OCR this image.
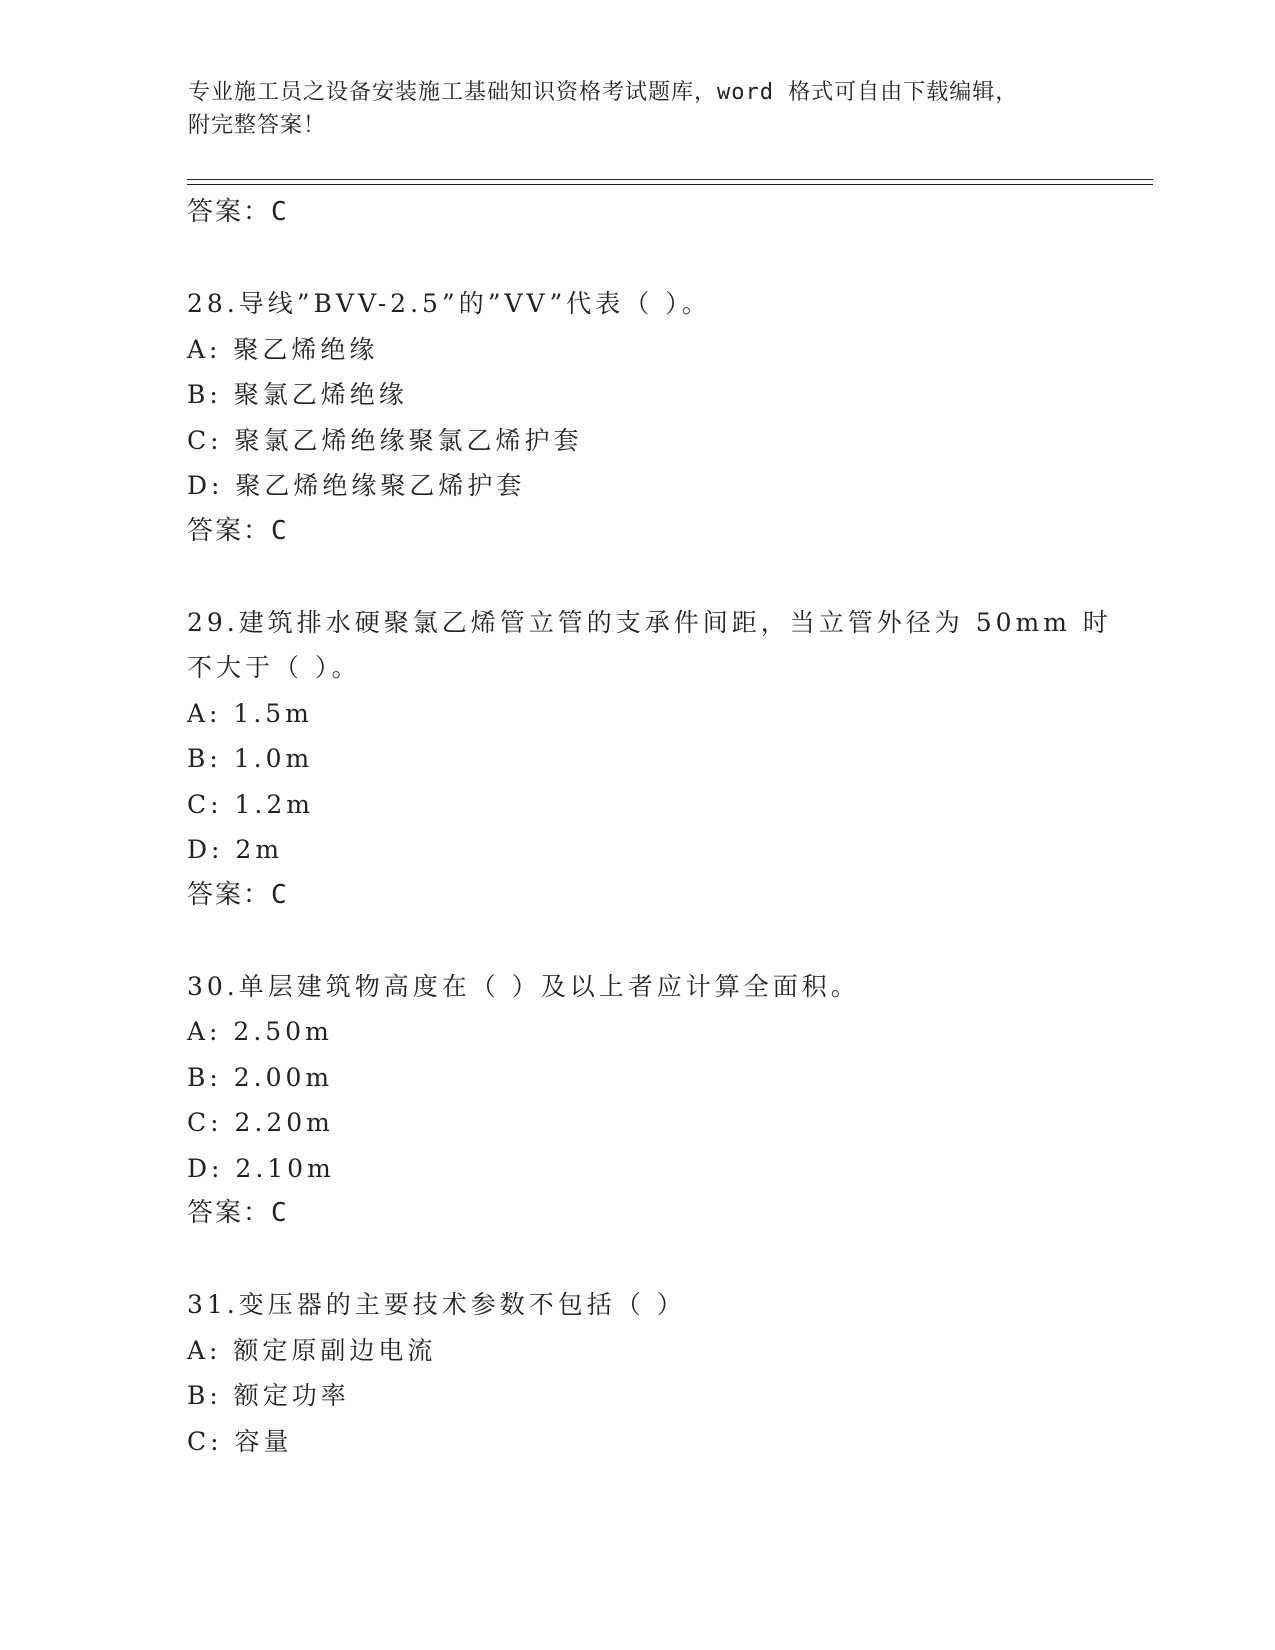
专业施工员之设备安装施工基础知识资格考试题库，word 格式可自由下载编辑，
附完整答案！
答案：C
28.导线”BVV-2.5”的”VV”代表（ ）。
A: 聚乙烯绝缘
B: 聚氯乙烯绝缘
C: 聚氯乙烯绝缘聚氯乙烯护套
D: 聚乙烯绝缘聚乙烯护套
答案：C
29.建筑排水硬聚氯乙烯管立管的支承件间距，当立管外径为 50mm 时
不大于（ ）。
A: 1.5m
B: 1.0m
C: 1.2m
D: 2m
答案：C
30.单层建筑物高度在（ ）及以上者应计算全面积。
A: 2.50m
B: 2.00m
C: 2.20m
D: 2.10m
答案：C
31.变压器的主要技术参数不包括（ ）
A: 额定原副边电流
B: 额定功率
C: 容量
